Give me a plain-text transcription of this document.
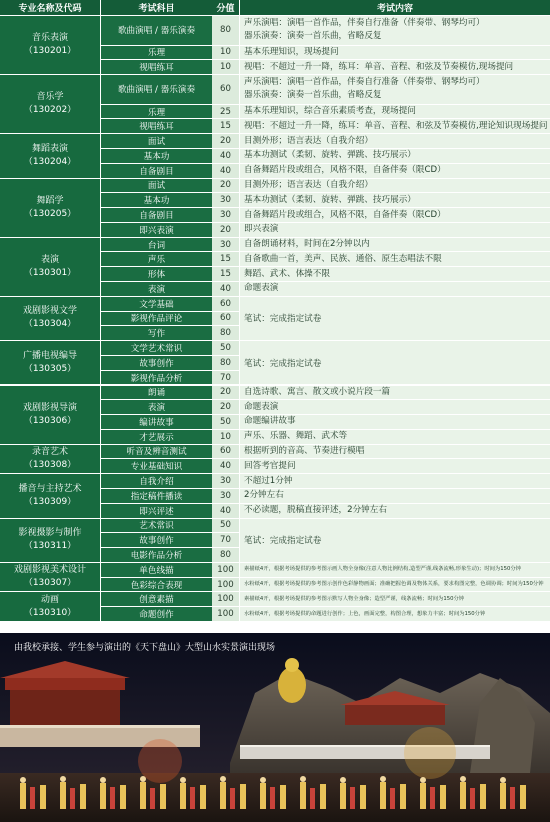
专业名称及代码	考试科目	分值	考试内容
音乐表演
（130201）
歌曲演唱 / 器乐演奏	80
声乐演唱：演唱一首作品，伴奏自行准备（伴奏带、钢琴均可）
器乐演奏：演奏一首乐曲，省略反复
乐理	10	基本乐理知识，现场提问
视唱练耳	10	视唱：不超过一升一降，练耳：单音、音程、和弦及节奏模仿,现场提问
音乐学
（130202）
歌曲演唱 / 器乐演奏	60
声乐演唱：演唱一首作品，伴奏自行准备（伴奏带、钢琴均可）
器乐演奏：演奏一首乐曲，省略反复
乐理	25	基本乐理知识，综合音乐素质考查，现场提问
视唱练耳	15	视唱：不超过一升一降，练耳：单音、音程、和弦及节奏模仿,理论知识现场提问
舞蹈表演
（130204）
面试	20	目测外形；语言表达（自我介绍）
基本功	40	基本功测试（柔韧、旋转、弹跳、技巧展示）
自备剧目	40	自备舞蹈片段或组合，风格不限，自备伴奏（限CD）
舞蹈学
（130205）
面试	20	目测外形；语言表达（自我介绍）
基本功	30	基本功测试（柔韧、旋转、弹跳、技巧展示）
自备剧目	30	自备舞蹈片段或组合，风格不限，自备伴奏（限CD）
即兴表演	20	即兴表演
表演
（130301）
台词	30	自备朗诵材料，时间在2分钟以内
声乐	15	自备歌曲一首，美声、民族、通俗、原生态唱法不限
形体	15	舞蹈、武术、体操不限
表演	40	命题表演
戏剧影视文学
（130304）
文学基础	60
影视作品评论	60
写作	80
笔试：完成指定试卷
广播电视编导
（130305）
文学艺术常识	50
故事创作	80
影视作品分析	70
笔试：完成指定试卷
戏剧影视导演
（130306）
朗诵	20	自选诗歌、寓言、散文或小说片段一篇
表演	20	命题表演
编讲故事	50	命题编讲故事
才艺展示	10	声乐、乐器、舞蹈、武术等
录音艺术
（130308）
听音及辨音测试	60	根据听到的音高、节奏进行模唱
专业基础知识	40	回答考官提问
播音与主持艺术
（130309）
自我介绍	30	不超过1分钟
指定稿件播读	30	2分钟左右
即兴评述	40	不必读题，脱稿直接评述，2分钟左右
影视摄影与制作
（130311）
艺术常识	50
故事创作	70
电影作品分析	80
笔试：完成指定试卷
戏剧影视美术设计
（130307）
单色线描	100	素描纸4开，根据考场提供的参考图示画人物全身像(注意人物比例结构,造型严谨,线条流畅,形象生动)；时间为150分钟
色彩综合表现	100	水粉纸4开，根据考场提供的参考图示创作色彩静物画面；准确把握色调及物体关系，要求构图完整，色调协调；时间为150分钟
动画
（130310）
创意素描	100	素描纸4开，根据考场提供的参考图示默写人物全身像；造型严谨，线条流畅；时间为150分钟
命题创作	100	水粉纸4开，根据考场提供的命题进行创作；上色，画面完整，构图合理，想象力丰富；时间为150分钟
由我校承接、学生参与演出的《天下盘山》大型山水实景演出现场
